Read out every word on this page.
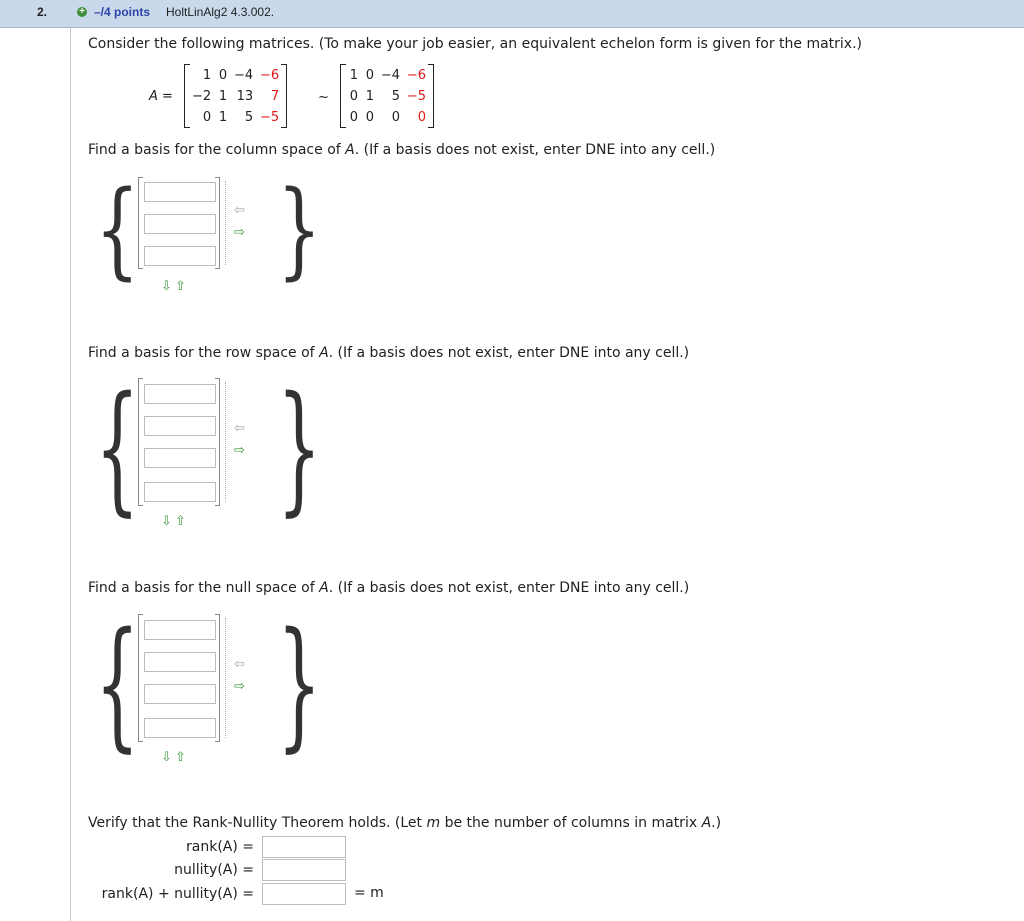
2.	+ –/4 points HoltLinAlg2 4.3.002.

Consider the following matrices. (To make your job easier, an equivalent echelon form is given for the matrix.)

A =
1	0	−4	−6
−2	1	13	7
0	1	5	−5
~
1	0	−4	−6
0	1	5	−5
0	0	0	0

Find a basis for the column space of A. (If a basis does not exist, enter DNE into any cell.)

{	⇦
⇨ }
⇩ ⇧

Find a basis for the row space of A. (If a basis does not exist, enter DNE into any cell.)

{	⇦
⇨ }
⇩ ⇧

Find a basis for the null space of A. (If a basis does not exist, enter DNE into any cell.)

{	⇦
⇨ }
⇩ ⇧

Verify that the Rank-Nullity Theorem holds. (Let m be the number of columns in matrix A.)

rank(A) =
nullity(A) =
rank(A) + nullity(A) =	= m
